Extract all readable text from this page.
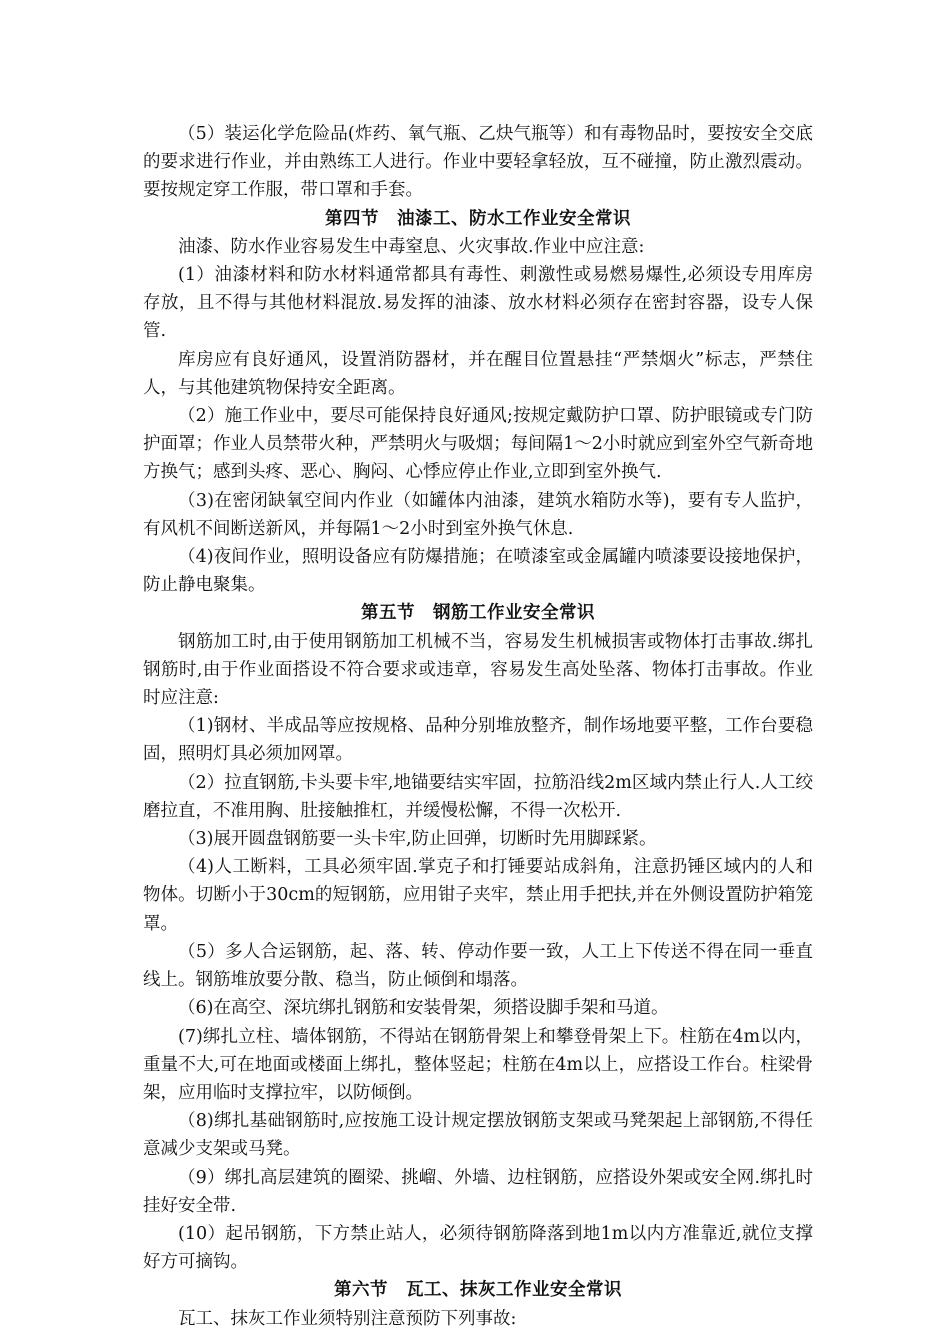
（5）装运化学危险品(炸药、氧气瓶、乙炔气瓶等）和有毒物品时，要按安全交底的要求进行作业，并由熟练工人进行。作业中要轻拿轻放，互不碰撞，防止激烈震动。要按规定穿工作服，带口罩和手套。

第四节　油漆工、防水工作业安全常识

油漆、防水作业容易发生中毒窒息、火灾事故.作业中应注意:

(1）油漆材料和防水材料通常都具有毒性、刺激性或易燃易爆性,必须设专用库房存放，且不得与其他材料混放.易发挥的油漆、放水材料必须存在密封容器，设专人保管.

库房应有良好通风，设置消防器材，并在醒目位置悬挂“严禁烟火”标志，严禁住人，与其他建筑物保持安全距离。

（2）施工作业中，要尽可能保持良好通风;按规定戴防护口罩、防护眼镜或专门防护面罩；作业人员禁带火种，严禁明火与吸烟；每间隔1～2小时就应到室外空气新奇地方换气；感到头疼、恶心、胸闷、心悸应停止作业,立即到室外换气.

（3)在密闭缺氧空间内作业（如罐体内油漆，建筑水箱防水等)，要有专人监护，有风机不间断送新风，并每隔1～2小时到室外换气休息.

（4)夜间作业，照明设备应有防爆措施；在喷漆室或金属罐内喷漆要设接地保护，防止静电聚集。

第五节　钢筋工作业安全常识

钢筋加工时,由于使用钢筋加工机械不当，容易发生机械损害或物体打击事故.绑扎钢筋时,由于作业面搭设不符合要求或违章，容易发生高处坠落、物体打击事故。作业时应注意:

（1)钢材、半成品等应按规格、品种分别堆放整齐，制作场地要平整，工作台要稳固，照明灯具必须加网罩。

（2）拉直钢筋,卡头要卡牢,地锚要结实牢固，拉筋沿线2m区域内禁止行人.人工绞磨拉直，不准用胸、肚接触推杠，并缓慢松懈，不得一次松开.

（3)展开圆盘钢筋要一头卡牢,防止回弹，切断时先用脚踩紧。

（4)人工断料，工具必须牢固.掌克子和打锤要站成斜角，注意扔锤区域内的人和物体。切断小于30cm的短钢筋，应用钳子夹牢，禁止用手把扶,并在外侧设置防护箱笼罩。

（5）多人合运钢筋，起、落、转、停动作要一致，人工上下传送不得在同一垂直线上。钢筋堆放要分散、稳当，防止倾倒和塌落。

（6)在高空、深坑绑扎钢筋和安装骨架，须搭设脚手架和马道。

(7)绑扎立柱、墙体钢筋，不得站在钢筋骨架上和攀登骨架上下。柱筋在4m以内，重量不大,可在地面或楼面上绑扎，整体竖起；柱筋在4m以上，应搭设工作台。柱梁骨架，应用临时支撑拉牢，以防倾倒。

（8)绑扎基础钢筋时,应按施工设计规定摆放钢筋支架或马凳架起上部钢筋,不得任意减少支架或马凳。

（9）绑扎高层建筑的圈梁、挑嵧、外墙、边柱钢筋，应搭设外架或安全网.绑扎时挂好安全带.

(10）起吊钢筋，下方禁止站人，必须待钢筋降落到地1m以内方准靠近,就位支撑好方可摘钩。

第六节　瓦工、抹灰工作业安全常识

瓦工、抹灰工作业须特别注意预防下列事故:
